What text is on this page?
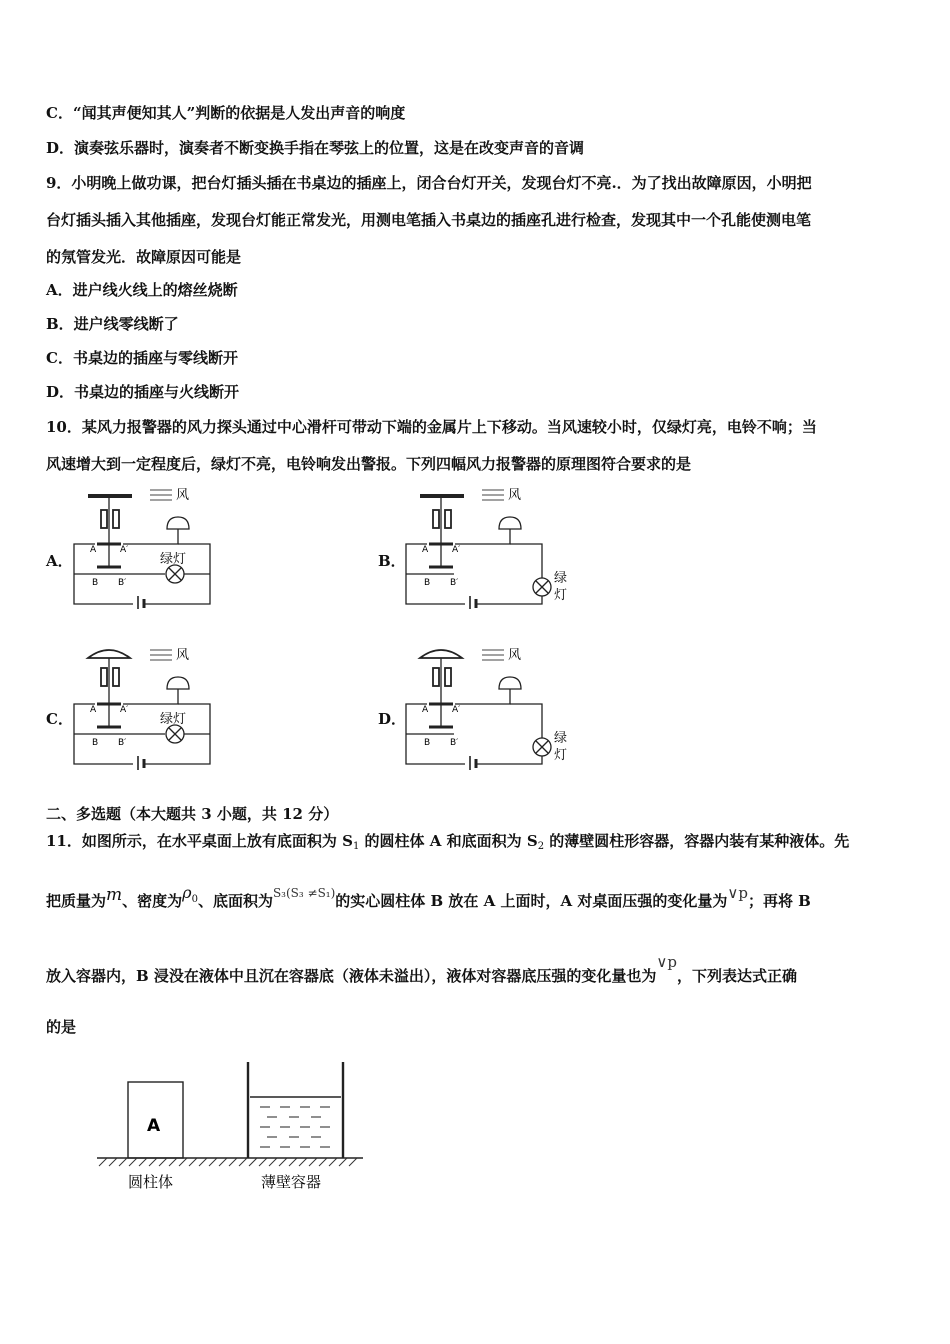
C．“闻其声便知其人”判断的依据是人发出声音的响度
D．演奏弦乐器时，演奏者不断变换手指在琴弦上的位置，这是在改变声音的音调
9．小明晚上做功课，把台灯插头插在书桌边的插座上，闭合台灯开关，发现台灯不亮.．为了找出故障原因，小明把
台灯插头插入其他插座，发现台灯能正常发光，用测电笔插入书桌边的插座孔进行检查，发现其中一个孔能使测电笔
的氖管发光．故障原因可能是
A．进户线火线上的熔丝烧断
B．进户线零线断了
C．书桌边的插座与零线断开
D．书桌边的插座与火线断开
10．某风力报警器的风力探头通过中心滑杆可带动下端的金属片上下移动。当风速较小时，仅绿灯亮，电铃不响；当
风速增大到一定程度后，绿灯不亮，电铃响发出警报。下列四幅风力报警器的原理图符合要求的是
A．	B．
C．	D．
风
A	A′
B B′
绿灯
风
A	A′
B B′	绿
灯
风
A	A′
B B′
绿灯
风
A	A′
B B′	绿
灯
二、多选题（本大题共 3 小题，共 12 分）
11．如图所示，在水平桌面上放有底面积为 $S_1$ 的圆柱体 A 和底面积为 $S_2$ 的薄壁圆柱形容器，容器内装有某种液体。先
把质量为m、密度为$\rho^0$、底面积为$^{S_3(S_3 \ne S_1)}$的实心圆柱体 B 放在 A 上面时，A 对桌面压强的变化量为∨p；再将 B
放入容器内，B 浸没在液体中且沉在容器底（液体未溢出），液体对容器底压强的变化量也为∨p，下列表达式正确
的是
A
圆柱体	薄壁容器
